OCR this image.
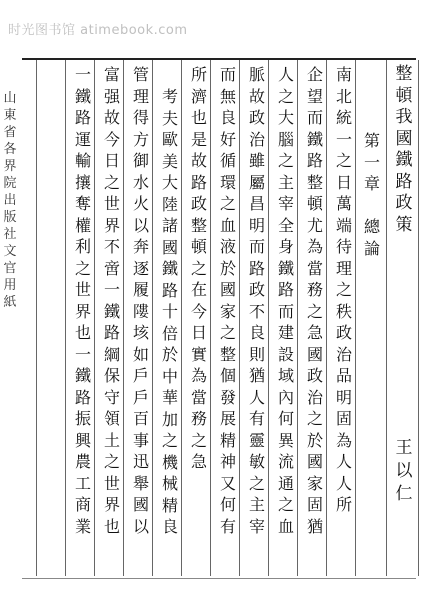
时光图书馆 atimebook.com
山
東
省
各
界
院
出
版
社
文
官
用
紙
整
頓
我
國
鐵
路
政
策
第
一
章

總
論
南
北
統
一
之
日
萬
端
待
理
之
秩
政
治
品
明
固
為
人
人
所
企
望
而
鐵
路
整
頓
尤
為
當
務
之
急
國
政
治
之
於
國
家
固
猶
人
之
大
腦
之
主
宰
全
身
鐵
路
而
建
設
域
內
何
異
流
通
之
血
脈
故
政
治
雖
屬
昌
明
而
路
政
不
良
則
猶
人
有
靈
敏
之
主
宰
而
無
良
好
循
環
之
血
液
於
國
家
之
整
個
發
展
精
神
又
何
有
所
濟
也
是
故
路
政
整
頓
之
在
今
日
實
為
當
務
之
急
考
夫
歐
美
大
陸
諸
國
鐵
路
十
倍
於
中
華
加
之
機
械
精
良
管
理
得
方
御
水
火
以
奔
逐
履
𨻻
垓
如
戶
戶
百
事
迅
舉
國
以
富
强
故
今
日
之
世
界
不
啻
一
鐵
路
綱
保
守
領
土
之
世
界
也
一
鐵
路
運
輸
攘
奪
權
利
之
世
界
也
一
鐵
路
振
興
農
工
商
業
王
以
仁
